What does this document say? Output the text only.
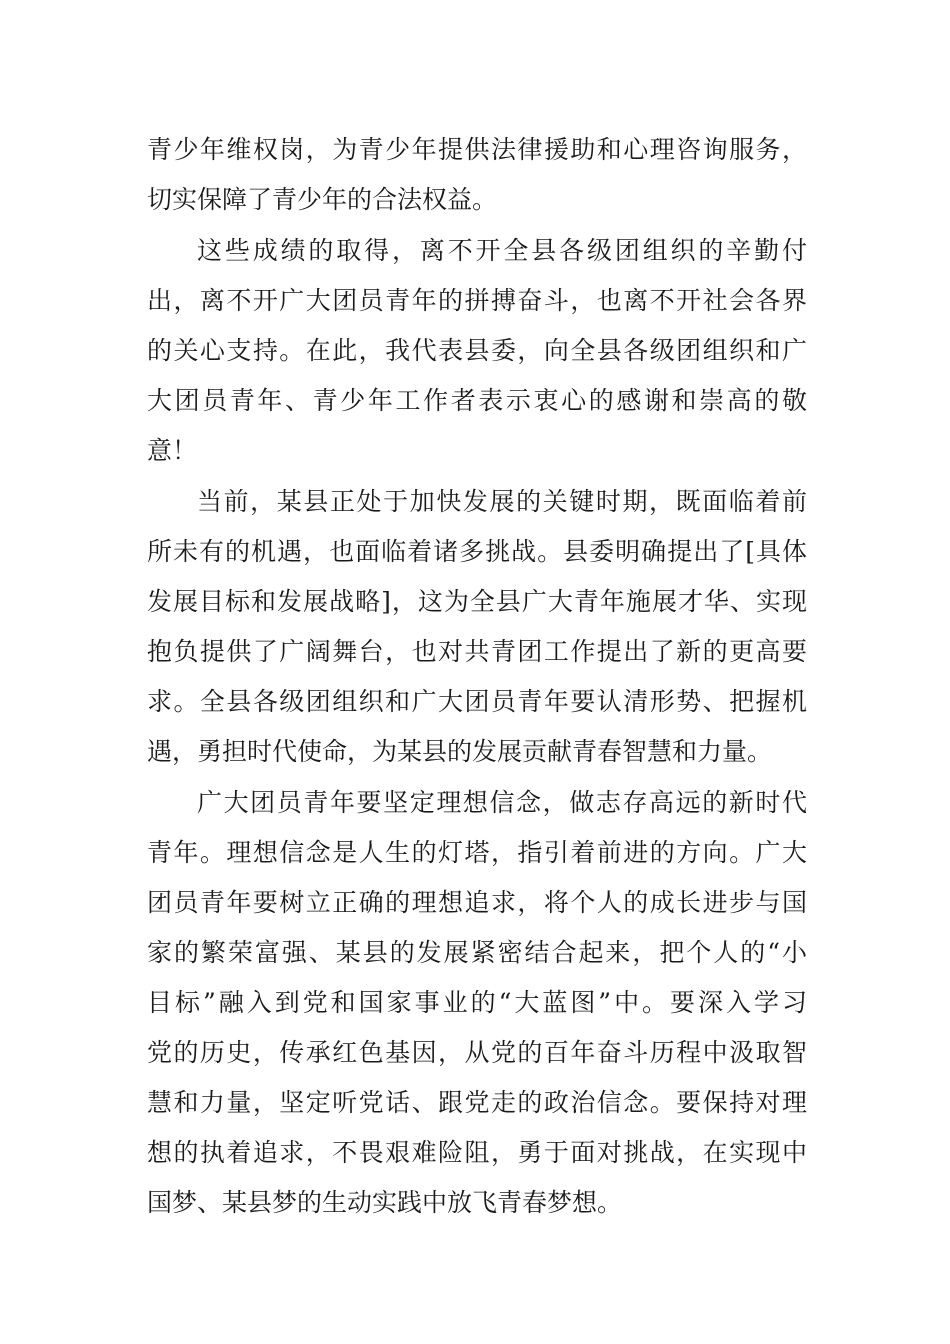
青少年维权岗，为青少年提供法律援助和心理咨询服务，
切实保障了青少年的合法权益。
这些成绩的取得，离不开全县各级团组织的辛勤付
出，离不开广大团员青年的拼搏奋斗，也离不开社会各界
的关心支持。在此，我代表县委，向全县各级团组织和广
大团员青年、青少年工作者表示衷心的感谢和崇高的敬
意！
当前，某县正处于加快发展的关键时期，既面临着前
所未有的机遇，也面临着诸多挑战。县委明确提出了[具体
发展目标和发展战略]，这为全县广大青年施展才华、实现
抱负提供了广阔舞台，也对共青团工作提出了新的更高要
求。全县各级团组织和广大团员青年要认清形势、把握机
遇，勇担时代使命，为某县的发展贡献青春智慧和力量。
广大团员青年要坚定理想信念，做志存高远的新时代
青年。理想信念是人生的灯塔，指引着前进的方向。广大
团员青年要树立正确的理想追求，将个人的成长进步与国
家的繁荣富强、某县的发展紧密结合起来，把个人的“小
目标”融入到党和国家事业的“大蓝图”中。要深入学习
党的历史，传承红色基因，从党的百年奋斗历程中汲取智
慧和力量，坚定听党话、跟党走的政治信念。要保持对理
想的执着追求，不畏艰难险阻，勇于面对挑战，在实现中
国梦、某县梦的生动实践中放飞青春梦想。
